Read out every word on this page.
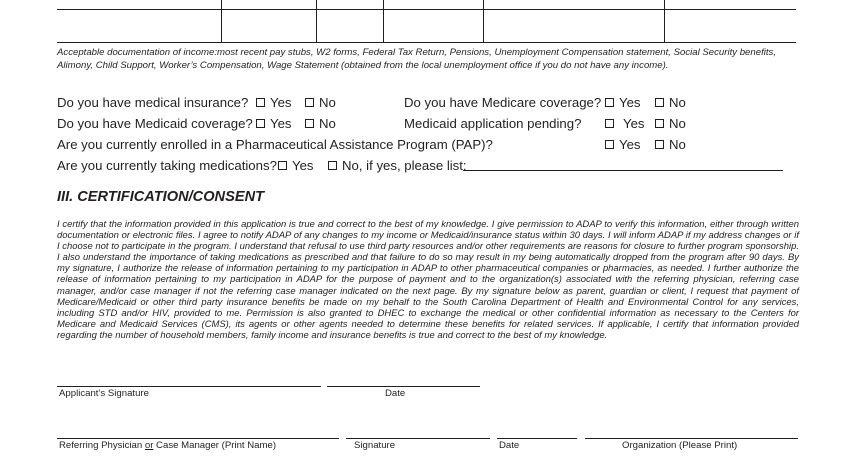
Acceptable documentation of income:most recent pay stubs, W2 forms, Federal Tax Return, Pensions, Unemployment Compensation statement, Social Security benefits, Alimony, Child Support, Worker’s Compensation, Wage Statement (obtained from the local unemployment office if you do not have any income).
Do you have medical insurance? Yes No	Do you have Medicare coverage? Yes No
Do you have Medicaid coverage? Yes No	Medicaid application pending?	Yes No
Are you currently enrolled in a Pharmaceutical Assistance Program (PAP)?	Yes No
Are you currently taking medications? Yes No, if yes, please list:
III. CERTIFICATION/CONSENT
I certify that the information provided in this application is true and correct to the best of my knowledge. I give permission to ADAP to verify this information, either through written documentation or electronic files. I agree to notify ADAP of any changes to my income or Medicaid/insurance status within 30 days. I will inform ADAP if my address changes or if I choose not to participate in the program. I understand that refusal to use third party resources and/or other requirements are reasons for closure to further program sponsorship. I also understand the importance of taking medications as prescribed and that failure to do so may result in my being automatically dropped from the program after 90 days. By my signature, I authorize the release of information pertaining to my participation in ADAP to other pharmaceutical companies or pharmacies, as needed. I further authorize the release of information pertaining to my participation in ADAP for the purpose of payment and to the organization(s) associated with the referring physician, referring case manager, and/or case manager if not the referring case manager indicated on the next page. By my signature below as parent, guardian or client, I request that payment of Medicare/Medicaid or other third party insurance benefits be made on my behalf to the South Carolina Department of Health and Environmental Control for any services, including STD and/or HIV, provided to me. Permission is also granted to DHEC to exchange the medical or other confidential information as necessary to the Centers for Medicare and Medicaid Services (CMS), its agents or other agents needed to determine these benefits for related services. If applicable, I certify that information provided regarding the number of household members, family income and insurance benefits is true and correct to the best of my knowledge.
Applicant’s Signature	Date
Referring Physician or Case Manager (Print Name)	Signature	Date	Organization (Please Print)
